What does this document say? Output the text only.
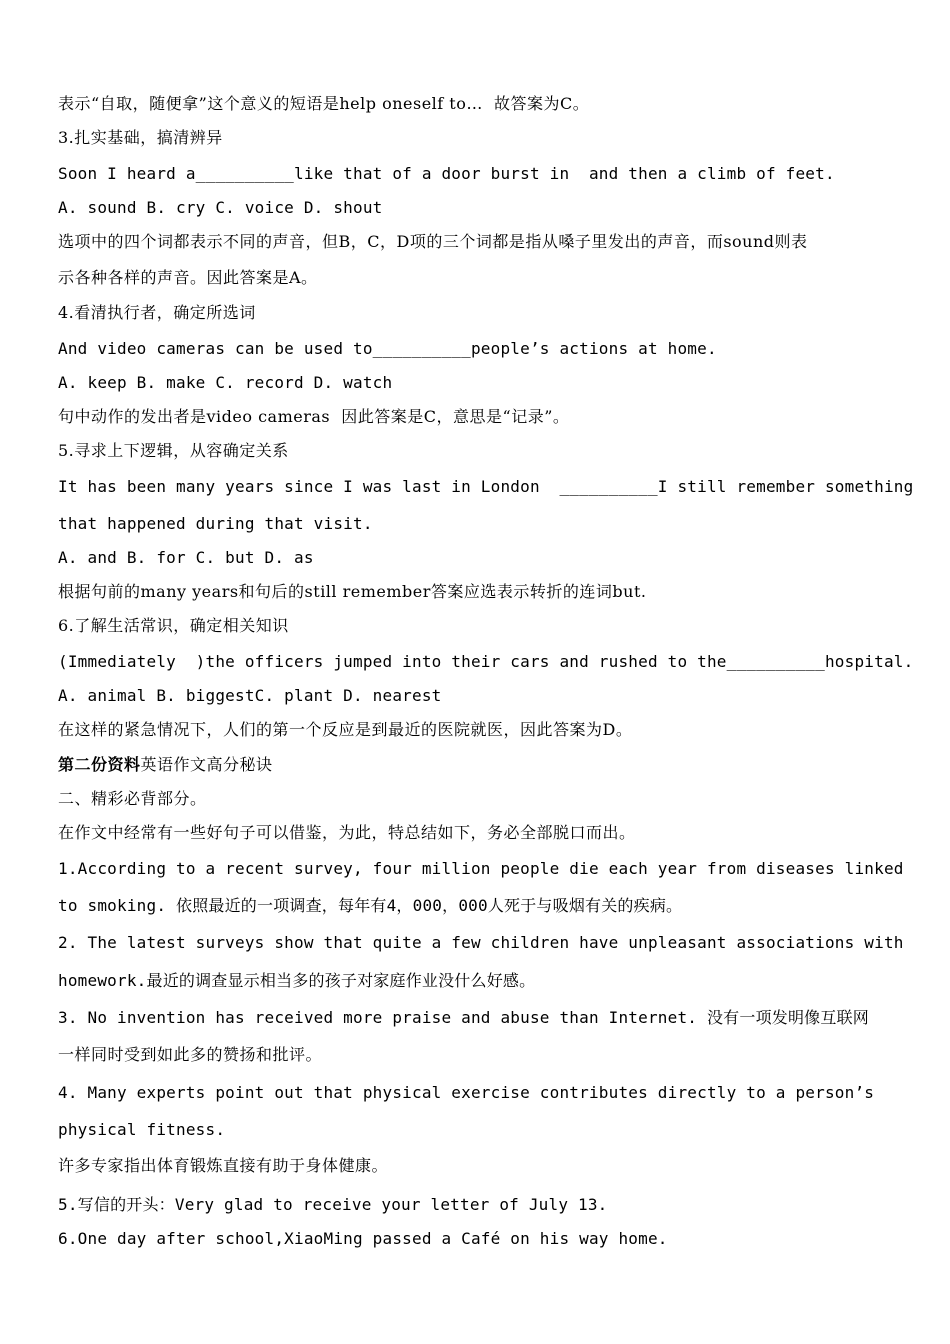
表示“自取，随便拿”这个意义的短语是help oneself to…  故答案为C。
3.扎实基础，搞清辨异
Soon I heard a__________like that of a door burst in  and then a climb of feet.
A. sound B. cry C. voice D. shout
选项中的四个词都表示不同的声音，但B，C，D项的三个词都是指从嗓子里发出的声音，而sound则表
示各种各样的声音。因此答案是A。
4.看清执行者，确定所选词
And video cameras can be used to__________people’s actions at home.
A. keep B. make C. record D. watch
句中动作的发出者是video cameras  因此答案是C，意思是“记录”。
5.寻求上下逻辑，从容确定关系
It has been many years since I was last in London  __________I still remember something
that happened during that visit.
A. and B. for C. but D. as
根据句前的many years和句后的still remember答案应选表示转折的连词but.
6.了解生活常识，确定相关知识
(Immediately  )the officers jumped into their cars and rushed to the__________hospital.
A. animal B. biggestC. plant D. nearest
在这样的紧急情况下，人们的第一个反应是到最近的医院就医，因此答案为D。
第二份资料英语作文高分秘诀
二、精彩必背部分。
在作文中经常有一些好句子可以借鉴，为此，特总结如下，务必全部脱口而出。
1.According to a recent survey, four million people die each year from diseases linked
to smoking. 依照最近的一项调查，每年有4，000，000人死于与吸烟有关的疾病。
2. The latest surveys show that quite a few children have unpleasant associations with
homework.最近的调查显示相当多的孩子对家庭作业没什么好感。
3. No invention has received more praise and abuse than Internet. 没有一项发明像互联网
一样同时受到如此多的赞扬和批评。
4. Many experts point out that physical exercise contributes directly to a person’s
physical fitness.
许多专家指出体育锻炼直接有助于身体健康。
5.写信的开头：Very glad to receive your letter of July 13.
6.One day after school,XiaoMing passed a Café on his way home.
